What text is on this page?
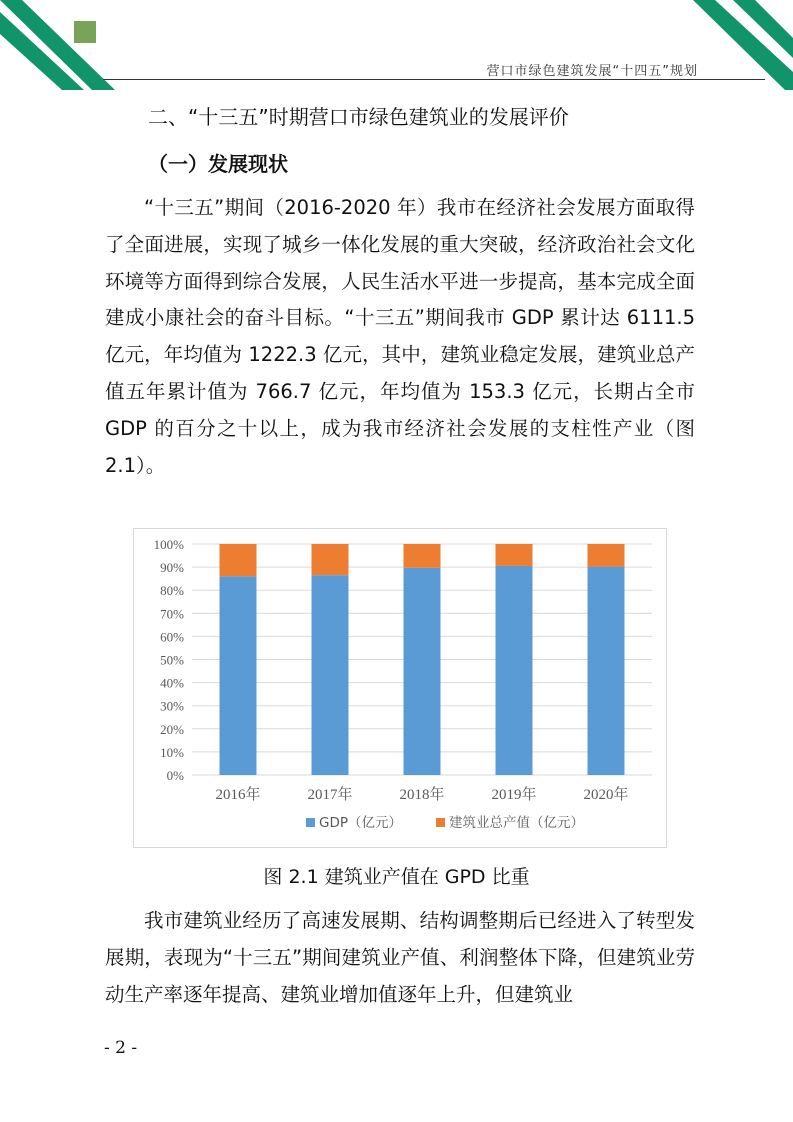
营口市绿色建筑发展“十四五”规划
二、“十三五”时期营口市绿色建筑业的发展评价
（一）发展现状

“十三五”期间（2016-2020 年）我市在经济社会发展方面取得了全面进展，实现了城乡一体化发展的重大突破，经济政治社会文化环境等方面得到综合发展，人民生活水平进一步提高，基本完成全面建成小康社会的奋斗目标。“十三五”期间我市 GDP 累计达 6111.5 亿元，年均值为 1222.3 亿元，其中，建筑业稳定发展，建筑业总产值五年累计值为 766.7 亿元，年均值为 153.3 亿元，长期占全市 GDP 的百分之十以上，成为我市经济社会发展的支柱性产业（图 2.1）。

0%
10%
20%
30%
40%
50%
60%
70%
80%
90%
100%
2016年	2017年	2018年	2019年	2020年
GDP（亿元）	建筑业总产值（亿元）
图 2.1 建筑业产值在 GPD 比重

我市建筑业经历了高速发展期、结构调整期后已经进入了转型发展期，表现为“十三五”期间建筑业产值、利润整体下降，但建筑业劳动生产率逐年提高、建筑业增加值逐年上升，但建筑业

- 2 -
